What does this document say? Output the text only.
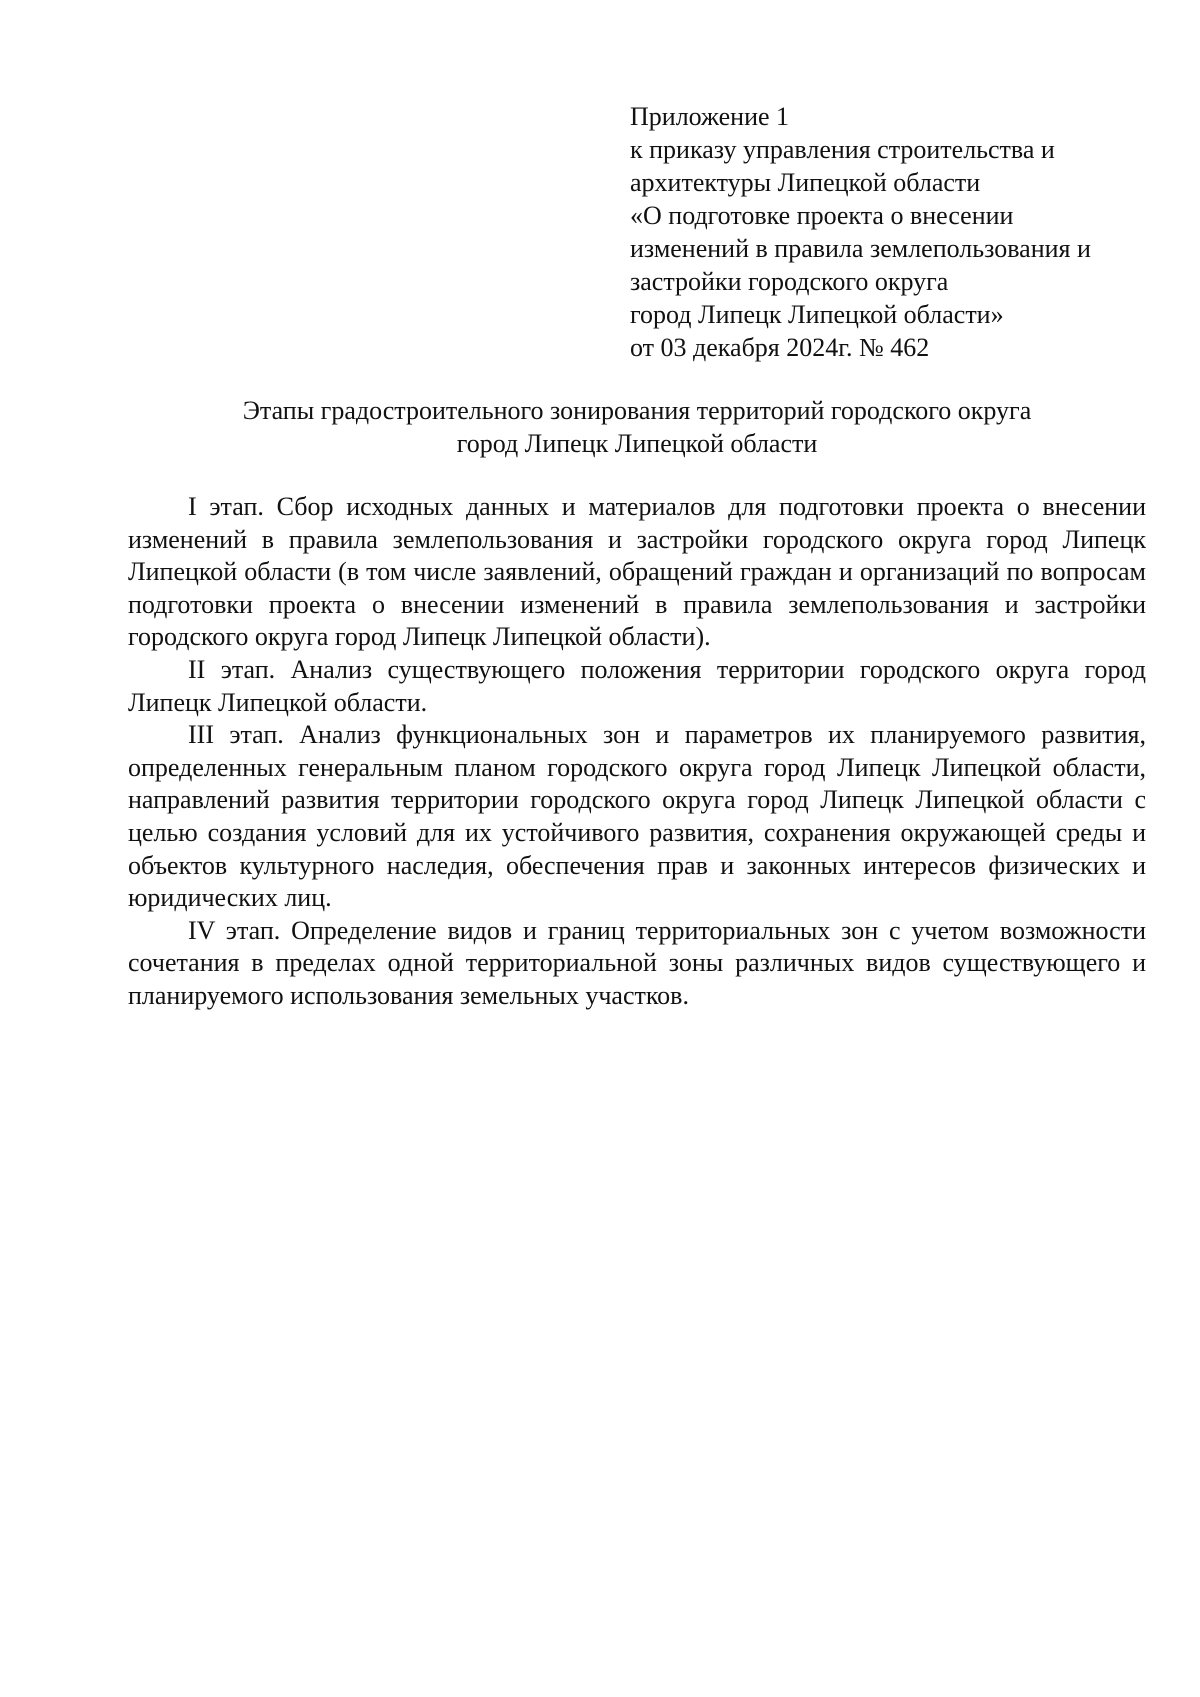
Приложение 1
к приказу управления строительства и
архитектуры Липецкой области
«О подготовке проекта о внесении
изменений в правила землепользования и
застройки городского округа
город Липецк Липецкой области»
от 03 декабря 2024г. № 462
Этапы градостроительного зонирования территорий городского округа
город Липецк Липецкой области

I этап. Сбор исходных данных и материалов для подготовки проекта о внесении изменений в правила землепользования и застройки городского округа город Липецк Липецкой области (в том числе заявлений, обращений граждан и организаций по вопросам подготовки проекта о внесении изменений в правила землепользования и застройки городского округа город Липецк Липецкой области).

II этап. Анализ существующего положения территории городского округа город Липецк Липецкой области.

III этап. Анализ функциональных зон и параметров их планируемого развития, определенных генеральным планом городского округа город Липецк Липецкой области, направлений развития территории городского округа город Липецк Липецкой области с целью создания условий для их устойчивого развития, сохранения окружающей среды и объектов культурного наследия, обеспечения прав и законных интересов физических и юридических лиц.

IV этап. Определение видов и границ территориальных зон с учетом возможности сочетания в пределах одной территориальной зоны различных видов существующего и планируемого использования земельных участков.
